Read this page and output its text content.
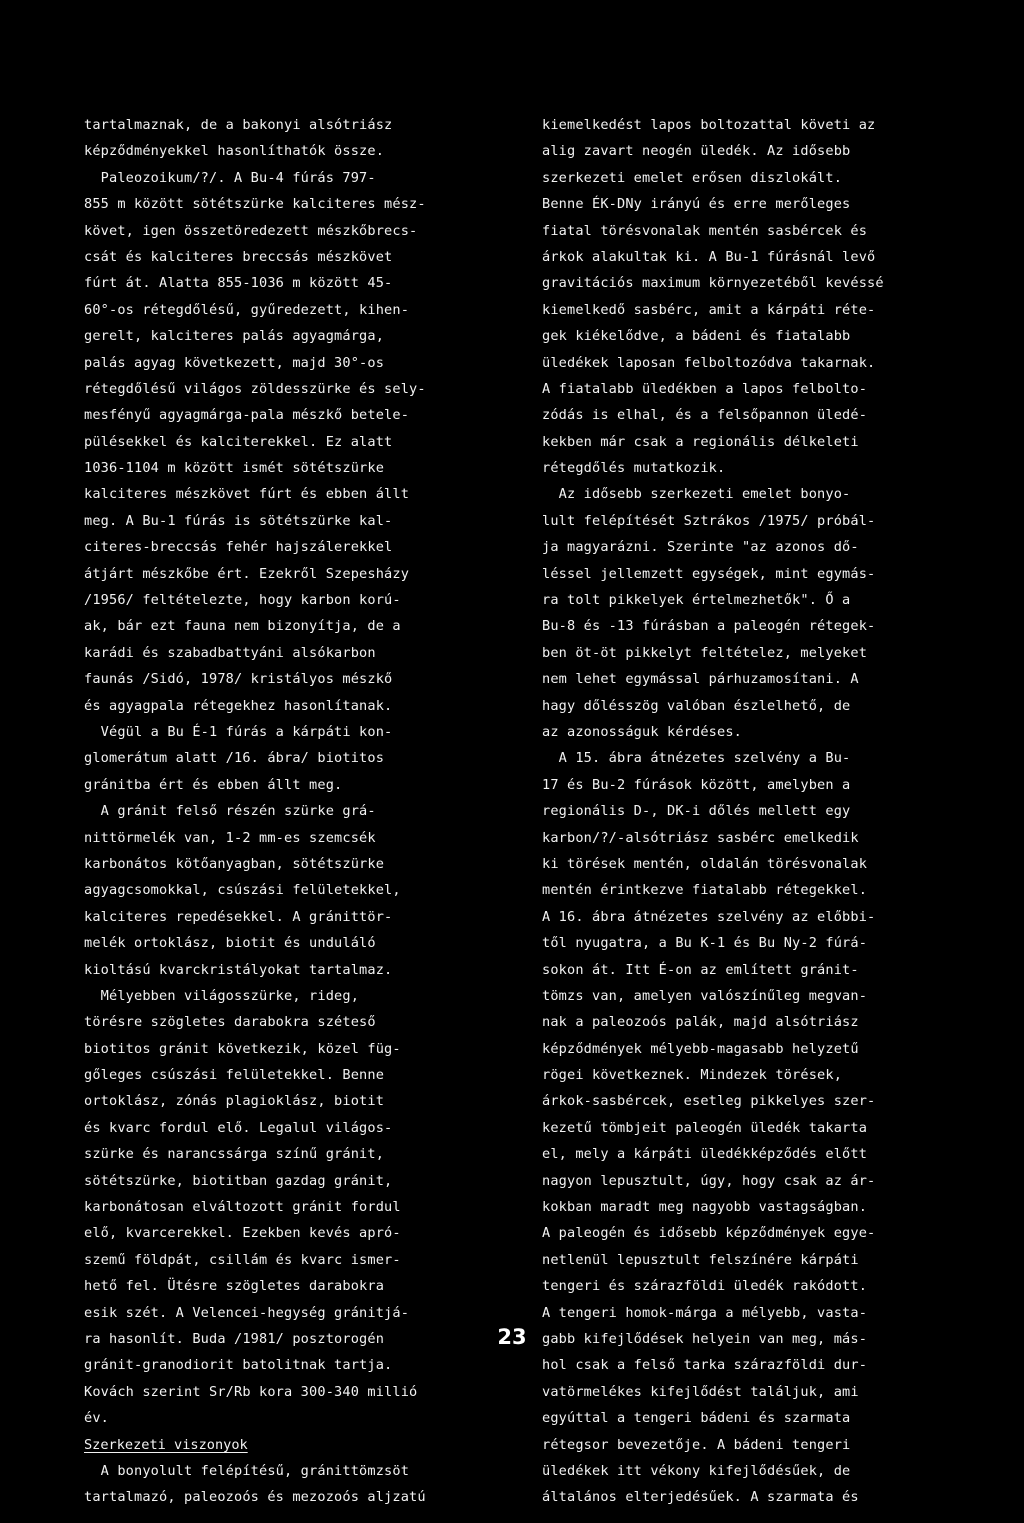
tartalmaznak, de a bakonyi alsótriász
képződményekkel hasonlíthatók össze.
Paleozoikum/?/. A Bu-4 fúrás 797-
855 m között sötétszürke kalciteres mész-
követ, igen összetöredezett mészkőbrecs-
csát és kalciteres breccsás mészkövet
fúrt át. Alatta 855-1036 m között 45-
60°-os rétegdőlésű, gyűredezett, kihen-
gerelt, kalciteres palás agyagmárga,
palás agyag következett, majd 30°-os
rétegdőlésű világos zöldesszürke és sely-
mesfényű agyagmárga-pala mészkő betele-
pülésekkel és kalciterekkel. Ez alatt
1036-1104 m között ismét sötétszürke
kalciteres mészkövet fúrt és ebben állt
meg. A Bu-1 fúrás is sötétszürke kal-
citeres-breccsás fehér hajszálerekkel
átjárt mészkőbe ért. Ezekről Szepesházy
/1956/ feltételezte, hogy karbon korú-
ak, bár ezt fauna nem bizonyítja, de a
karádi és szabadbattyáni alsókarbon
faunás /Sidó, 1978/ kristályos mészkő
és agyagpala rétegekhez hasonlítanak.
Végül a Bu É-1 fúrás a kárpáti kon-
glomerátum alatt /16. ábra/ biotitos
gránitba ért és ebben állt meg.
A gránit felső részén szürke grá-
nittörmelék van, 1-2 mm-es szemcsék
karbonátos kötőanyagban, sötétszürke
agyagcsomokkal, csúszási felületekkel,
kalciteres repedésekkel. A gránittör-
melék ortoklász, biotit és unduláló
kioltású kvarckristályokat tartalmaz.
Mélyebben világosszürke, rideg,
törésre szögletes darabokra széteső
biotitos gránit következik, közel füg-
gőleges csúszási felületekkel. Benne
ortoklász, zónás plagioklász, biotit
és kvarc fordul elő. Legalul világos-
szürke és narancssárga színű gránit,
sötétszürke, biotitban gazdag gránit,
karbonátosan elváltozott gránit fordul
elő, kvarcerekkel. Ezekben kevés apró-
szemű földpát, csillám és kvarc ismer-
hető fel. Ütésre szögletes darabokra
esik szét. A Velencei-hegység gránitjá-
ra hasonlít. Buda /1981/ posztorogén
gránit-granodiorit batolitnak tartja.
Kovách szerint Sr/Rb kora 300-340 millió
év.
Szerkezeti viszonyok
A bonyolult felépítésű, gránittömzsöt
tartalmazó, paleozoós és mezozoós aljzatú
kiemelkedést lapos boltozattal követi az
alig zavart neogén üledék. Az idősebb
szerkezeti emelet erősen diszlokált.
Benne ÉK-DNy irányú és erre merőleges
fiatal törésvonalak mentén sasbércek és
árkok alakultak ki. A Bu-1 fúrásnál levő
gravitációs maximum környezetéből kevéssé
kiemelkedő sasbérc, amit a kárpáti réte-
gek kiékelődve, a bádeni és fiatalabb
üledékek laposan felboltozódva takarnak.
A fiatalabb üledékben a lapos felbolto-
zódás is elhal, és a felsőpannon üledé-
kekben már csak a regionális délkeleti
rétegdőlés mutatkozik.
Az idősebb szerkezeti emelet bonyo-
lult felépítését Sztrákos /1975/ próbál-
ja magyarázni. Szerinte "az azonos dő-
léssel jellemzett egységek, mint egymás-
ra tolt pikkelyek értelmezhetők". Ő a
Bu-8 és -13 fúrásban a paleogén rétegek-
ben öt-öt pikkelyt feltételez, melyeket
nem lehet egymással párhuzamosítani. A
hagy dőlésszög valóban észlelhető, de
az azonosságuk kérdéses.
A 15. ábra átnézetes szelvény a Bu-
17 és Bu-2 fúrások között, amelyben a
regionális D-, DK-i dőlés mellett egy
karbon/?/-alsótriász sasbérc emelkedik
ki törések mentén, oldalán törésvonalak
mentén érintkezve fiatalabb rétegekkel.
A 16. ábra átnézetes szelvény az előbbi-
től nyugatra, a Bu K-1 és Bu Ny-2 fúrá-
sokon át. Itt É-on az említett gránit-
tömzs van, amelyen valószínűleg megvan-
nak a paleozoós palák, majd alsótriász
képződmények mélyebb-magasabb helyzetű
rögei következnek. Mindezek törések,
árkok-sasbércek, esetleg pikkelyes szer-
kezetű tömbjeit paleogén üledék takarta
el, mely a kárpáti üledékképződés előtt
nagyon lepusztult, úgy, hogy csak az ár-
kokban maradt meg nagyobb vastagságban.
A paleogén és idősebb képződmények egye-
netlenül lepusztult felszínére kárpáti
tengeri és szárazföldi üledék rakódott.
A tengeri homok-márga a mélyebb, vasta-
gabb kifejlődések helyein van meg, más-
hol csak a felső tarka szárazföldi dur-
vatörmelékes kifejlődést találjuk, ami
egyúttal a tengeri bádeni és szarmata
rétegsor bevezetője. A bádeni tengeri
üledékek itt vékony kifejlődésűek, de
általános elterjedésűek. A szarmata és
23
